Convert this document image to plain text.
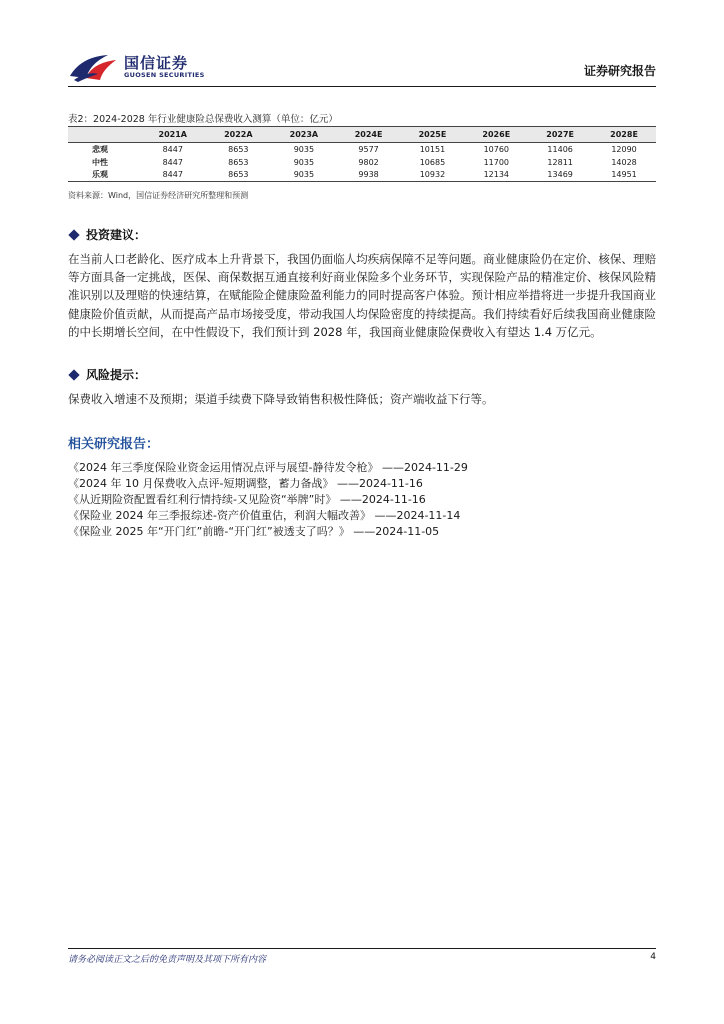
国信证券
GUOSEN SECURITIES	证券研究报告
表2：2024-2028 年行业健康险总保费收入测算（单位：亿元）
	2021A	2022A	2023A	2024E	2025E	2026E	2027E	2028E
悲观	8447	8653	9035	9577	10151	10760	11406	12090
中性	8447	8653	9035	9802	10685	11700	12811	14028
乐观	8447	8653	9035	9938	10932	12134	13469	14951
资料来源：Wind，国信证券经济研究所整理和预测
投资建议：

在当前人口老龄化、医疗成本上升背景下，我国仍面临人均疾病保障不足等问题。商业健康险仍在定价、核保、理赔等方面具备一定挑战，医保、商保数据互通直接利好商业保险多个业务环节，实现保险产品的精准定价、核保风险精准识别以及理赔的快速结算，在赋能险企健康险盈利能力的同时提高客户体验。预计相应举措将进一步提升我国商业健康险价值贡献，从而提高产品市场接受度，带动我国人均保险密度的持续提高。我们持续看好后续我国商业健康险的中长期增长空间，在中性假设下，我们预计到 2028 年，我国商业健康险保费收入有望达 1.4 万亿元。

风险提示：

保费收入增速不及预期；渠道手续费下降导致销售积极性降低；资产端收益下行等。

相关研究报告：
《2024 年三季度保险业资金运用情况点评与展望-静待发令枪》 ——2024-11-29
《2024 年 10 月保费收入点评-短期调整，蓄力备战》 ——2024-11-16
《从近期险资配置看红利行情持续-又见险资“举牌”时》 ——2024-11-16
《保险业 2024 年三季报综述-资产价值重估，利润大幅改善》 ——2024-11-14
《保险业 2025 年“开门红”前瞻-“开门红”被透支了吗？》 ——2024-11-05
请务必阅读正文之后的免责声明及其项下所有内容	4
